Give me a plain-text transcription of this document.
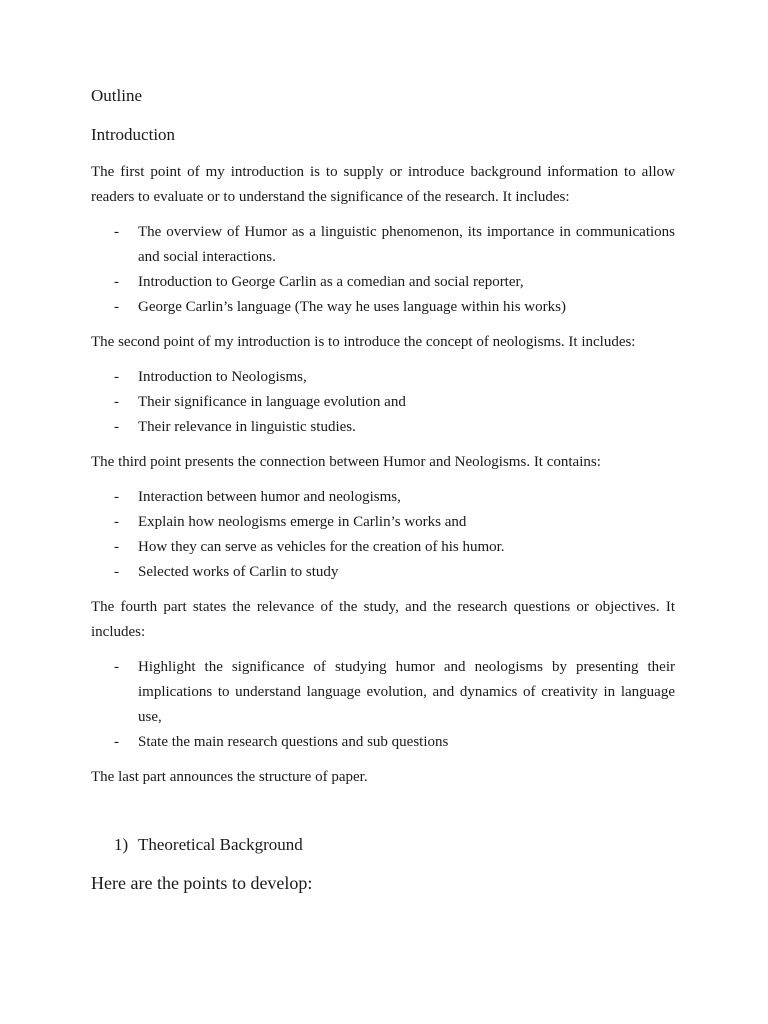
Outline

Introduction

The first point of my introduction is to supply or introduce background information to allow readers to evaluate or to understand the significance of the research. It includes:

- The overview of Humor as a linguistic phenomenon, its importance in communications and social interactions.
- Introduction to George Carlin as a comedian and social reporter,
- George Carlin’s language (The way he uses language within his works)

The second point of my introduction is to introduce the concept of neologisms. It includes:

- Introduction to Neologisms,
- Their significance in language evolution and
- Their relevance in linguistic studies.

The third point presents the connection between Humor and Neologisms. It contains:

- Interaction between humor and neologisms,
- Explain how neologisms emerge in Carlin’s works and
- How they can serve as vehicles for the creation of his humor.
- Selected works of Carlin to study

The fourth part states the relevance of the study, and the research questions or objectives. It includes:

- Highlight the significance of studying humor and neologisms by presenting their implications to understand language evolution, and dynamics of creativity in language use,
- State the main research questions and sub questions

The last part announces the structure of paper.

1) Theoretical Background

Here are the points to develop:
